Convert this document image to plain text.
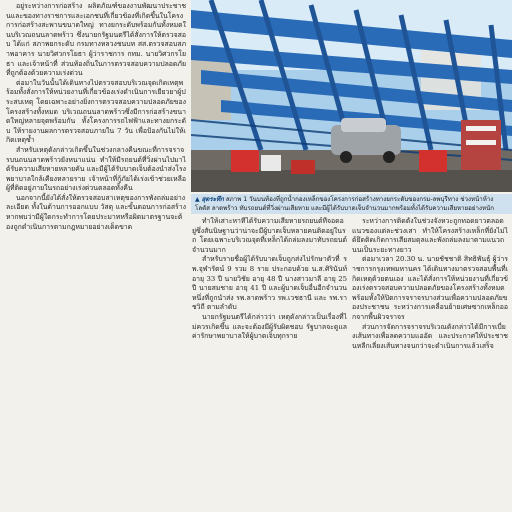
▲ สุดระทึก สภาพ 1 วันบนท้องที่ถูกน้ำกองเหล็กของโครงการก่อสร้างทางยกระดับของกรม-ลพบุรีทาง ช่วงหน้าห้างโลตัส ลาดพร้าว ทับรถยนต์ที่วิ่งผ่านเสียหาย และมีผู้ได้รับบาดเจ็บจำนวนมากพร้อมทั้งได้รับความเสียหายอย่างหนัก

อยู่ระหว่างการก่อสร้าง ผลิตภัณฑ์ของงานพัฒนาประชาชนและของทางราชการและเอกชนที่เกี่ยวข้องที่เกิดขึ้นในโครงการก่อสร้างสะพานขนาดใหญ่ ทางยกระดับพร้อมกันทั้งหมดในบริเวณถนนลาดพร้าว ซึ่งนายกรัฐมนตรีได้สั่งการให้ตรวจสอบ ได้แก่ สภาพยกระดับ กรมทางหลวงชนบท สส.ตรวจสอบสภาพอาคาร นายวิศวกรโยธา ผู้ว่าราชการ กทม. นายวิศวกรโยธา และเจ้าหน้าที่ ส่วนท้องถิ่นในการตรวจสอบความปลอดภัยที่ถูกต้องด้วยความเร่งด่วน

ต่อมาในวันนั้นได้เดินทางไปตรวจสอบบริเวณจุดเกิดเหตุพร้อมทั้งสั่งการให้หน่วยงานที่เกี่ยวข้องเร่งดำเนินการเยียวยาผู้ประสบเหตุ โดยเฉพาะอย่างยิ่งการตรวจสอบความปลอดภัยของโครงสร้างทั้งหมด บริเวณถนนลาดพร้าวซึ่งมีการก่อสร้างขนาดใหญ่หลายจุดพร้อมกัน ทั้งโครงการรถไฟฟ้าและทางยกระดับ ให้รายงานผลการตรวจสอบภายใน 7 วัน เพื่อป้องกันไม่ให้เกิดเหตุซ้ำ

สำหรับเหตุดังกล่าวเกิดขึ้นในช่วงกลางคืนขณะที่การจราจรบนถนนลาดพร้าวยังหนาแน่น ทำให้มีรถยนต์ที่วิ่งผ่านไปมาได้รับความเสียหายหลายคัน และมีผู้ได้รับบาดเจ็บต้องนำส่งโรงพยาบาลใกล้เคียงหลายราย เจ้าหน้าที่กู้ภัยได้เร่งเข้าช่วยเหลือผู้ที่ติดอยู่ภายในรถอย่างเร่งด่วนตลอดทั้งคืน

นอกจากนี้ยังได้สั่งให้ตรวจสอบสาเหตุของการพังถล่มอย่างละเอียด ทั้งในด้านการออกแบบ วัสดุ และขั้นตอนการก่อสร้าง หากพบว่ามีผู้ใดกระทำการโดยประมาทหรือผิดมาตรฐานจะต้องถูกดำเนินการตามกฎหมายอย่างเด็ดขาด

ทำให้เสาะหาที่ได้รับความเสียหายรถยนต์ที่จอดอยู่ซึ่งสันนิษฐานว่าน่าจะมีผู้บาดเจ็บหลายคนติดอยู่ในรถ โดยเฉพาะบริเวณจุดที่เหล็กได้ถล่มลงมาทับรถยนต์จำนวนมาก

สำหรับรายชื่อผู้ได้รับบาดเจ็บถูกส่งไปรักษาตัวที่ รพ.จุฬารัตน์ 9 รวม 8 ราย ประกอบด้วย น.ส.ศิรินันท์ อายุ 33 ปี นายวิชัย อายุ 48 ปี นางสาวมาลี อายุ 25 ปี นายสมชาย อายุ 41 ปี และผู้บาดเจ็บอื่นอีกจำนวนหนึ่งที่ถูกนำส่ง รพ.ลาดพร้าว รพ.เวชธานี และ รพ.ราชวิถี ตามลำดับ

นายกรัฐมนตรีได้กล่าวว่า เหตุดังกล่าวเป็นเรื่องที่ไม่ควรเกิดขึ้น และจะต้องมีผู้รับผิดชอบ รัฐบาลจะดูแลค่ารักษาพยาบาลให้ผู้บาดเจ็บทุกราย

ระหว่างการติดตั้งในช่วงจังหวะถูกทอดยาวตลอดแนวของแต่ละช่วงเสา ทำให้โครงสร้างเหล็กที่ยังไม่ได้ยึดติดเกิดการเสียสมดุลและพังถล่มลงมาตามแนวถนนเป็นระยะทางยาว

ต่อมาเวลา 20.30 น. นายชัชชาติ สิทธิพันธุ์ ผู้ว่าราชการกรุงเทพมหานคร ได้เดินทางมาตรวจสอบพื้นที่เกิดเหตุด้วยตนเอง และได้สั่งการให้หน่วยงานที่เกี่ยวข้องเร่งตรวจสอบความปลอดภัยของโครงสร้างทั้งหมด พร้อมทั้งให้ปิดการจราจรบางส่วนเพื่อความปลอดภัยของประชาชน ระหว่างการเคลื่อนย้ายเศษซากเหล็กออกจากพื้นผิวจราจร

ส่วนการจัดการจราจรบริเวณดังกล่าวได้มีการเบี่ยงเส้นทางเพื่อลดความแออัด และประกาศให้ประชาชนหลีกเลี่ยงเส้นทางจนกว่าจะดำเนินการแล้วเสร็จ
